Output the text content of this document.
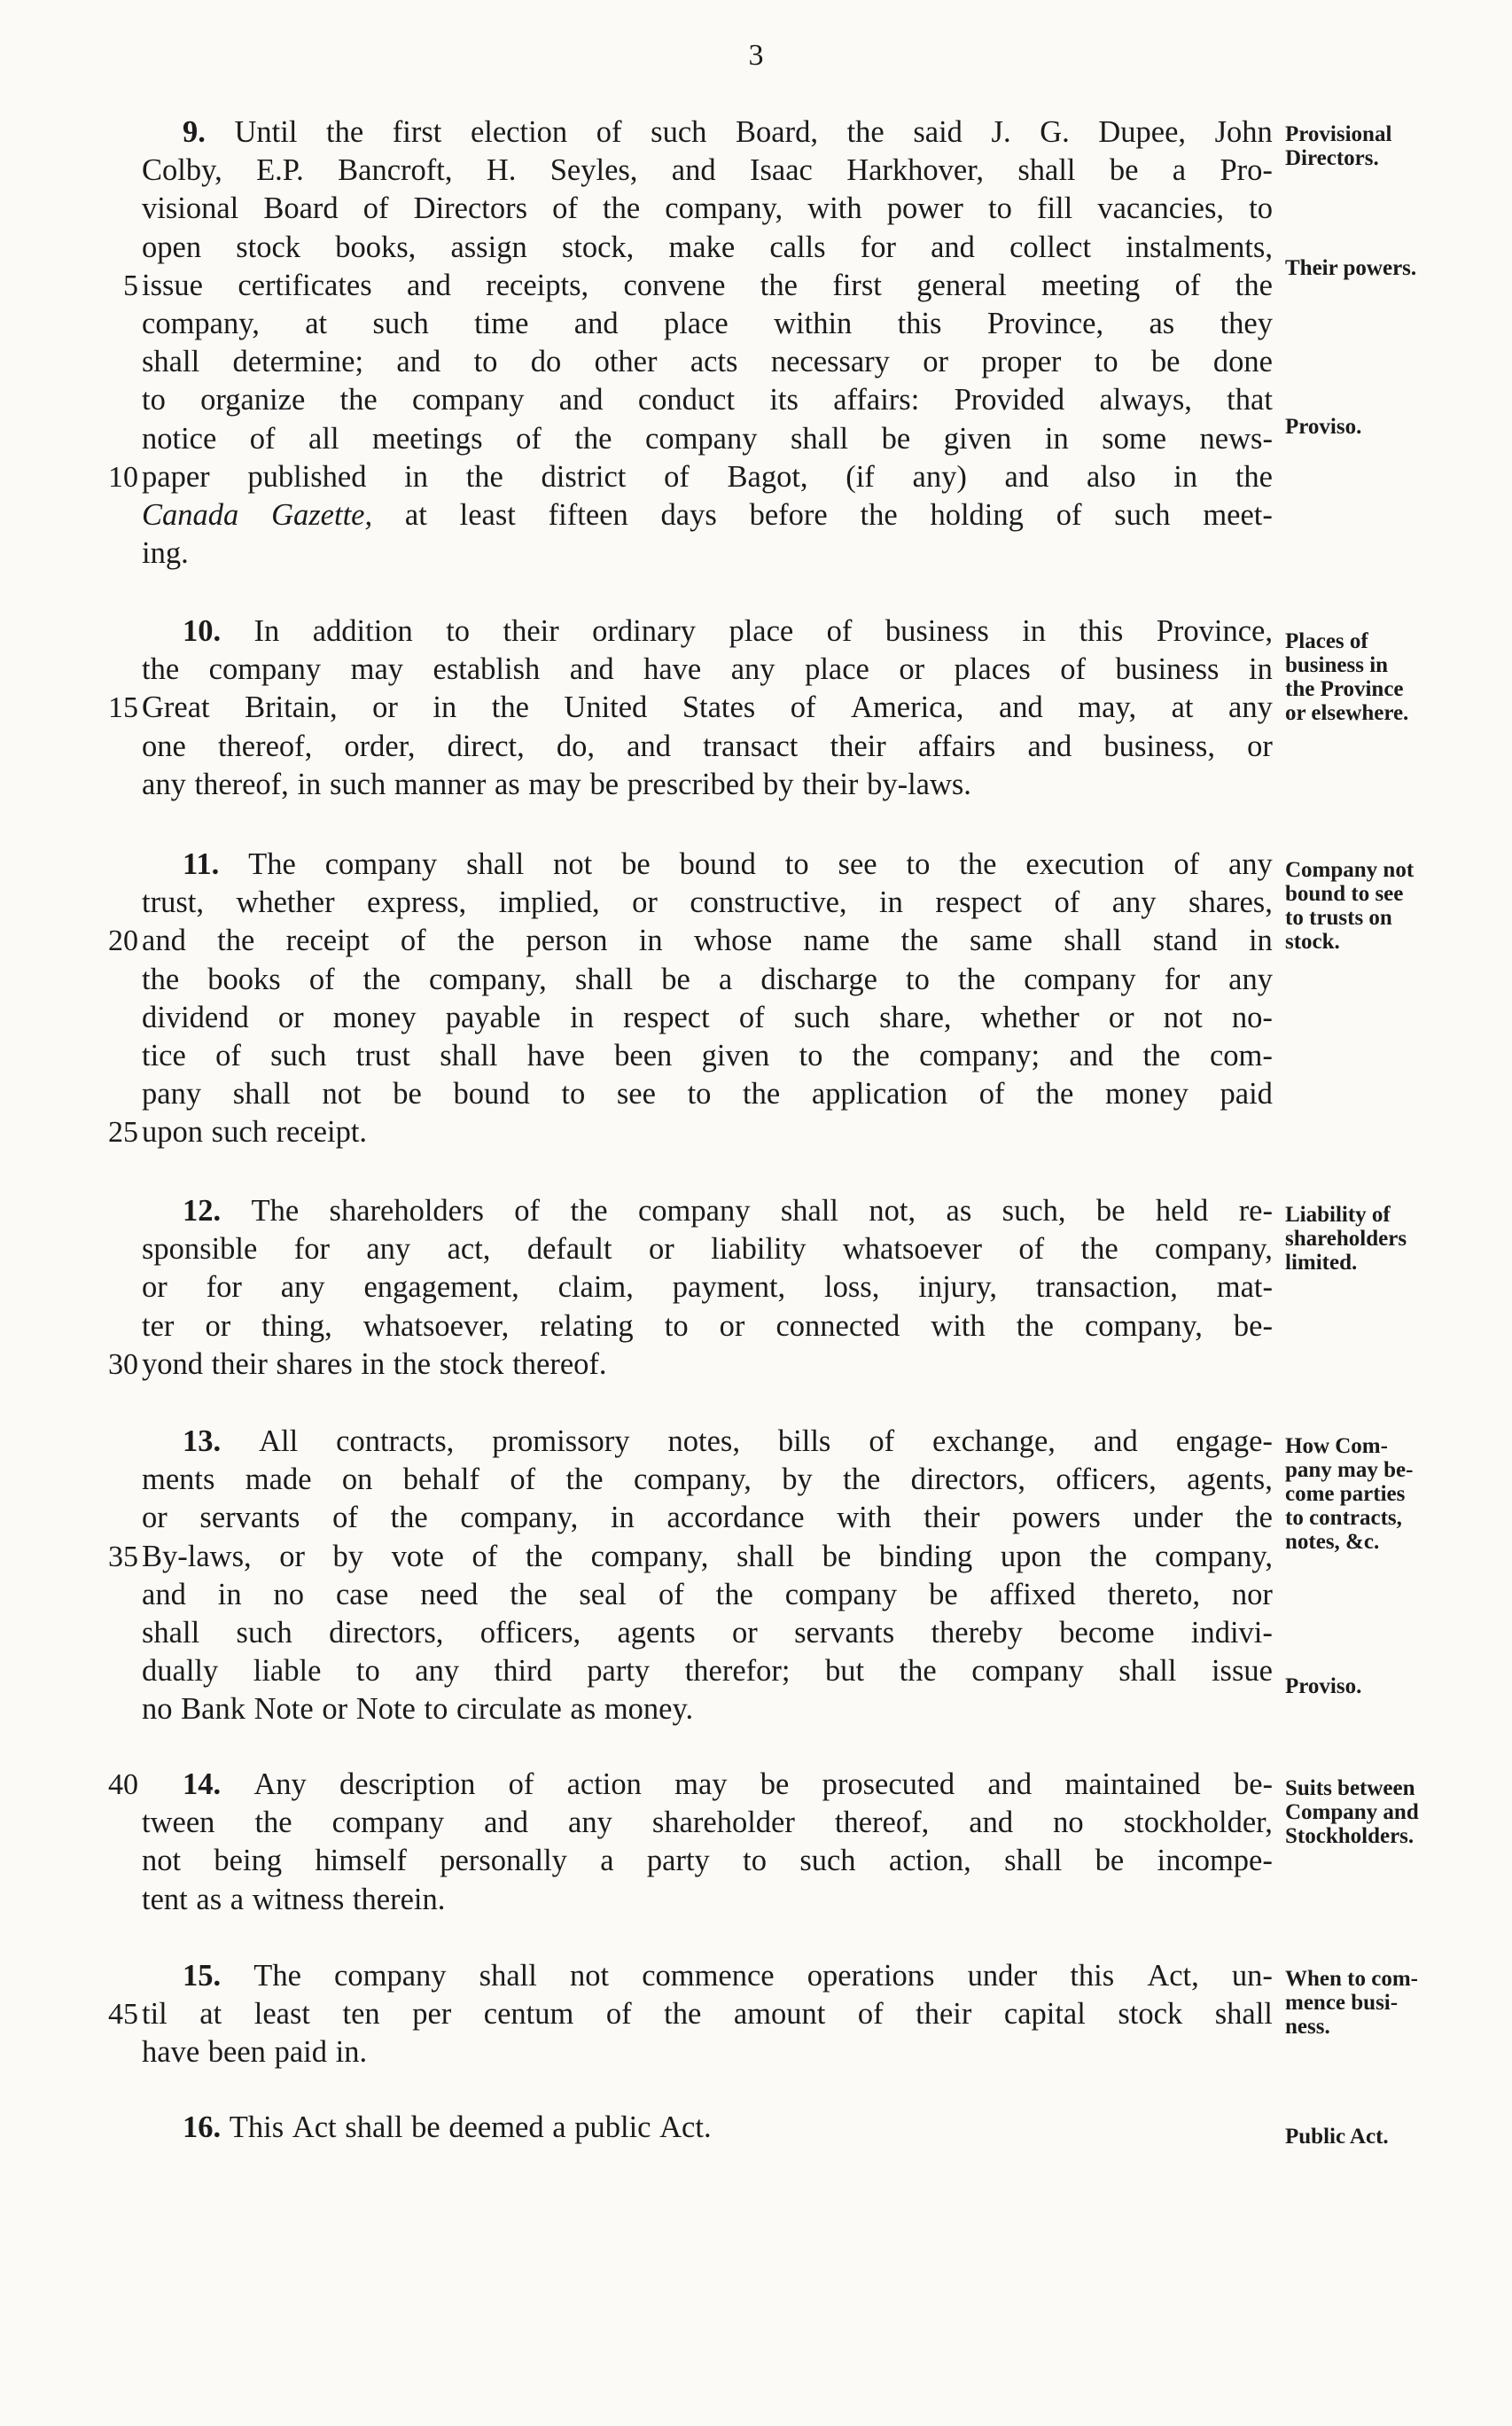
3
9. Until the first election of such Board, the said J. G. Dupee, John
Colby, E.P. Bancroft, H. Seyles, and Isaac Harkhover, shall be a Pro-
visional Board of Directors of the company, with power to fill vacancies, to
open stock books, assign stock, make calls for and collect instalments,
5 issue certificates and receipts, convene the first general meeting of the
company, at such time and place within this Province, as they
shall determine; and to do other acts necessary or proper to be done
to organize the company and conduct its affairs: Provided always, that
notice of all meetings of the company shall be given in some news-
10 paper published in the district of Bagot, (if any) and also in the
Canada Gazette, at least fifteen days before the holding of such meet-
ing.
10. In addition to their ordinary place of business in this Province,
the company may establish and have any place or places of business in
15 Great Britain, or in the United States of America, and may, at any
one thereof, order, direct, do, and transact their affairs and business, or
any thereof, in such manner as may be prescribed by their by-laws.
11. The company shall not be bound to see to the execution of any
trust, whether express, implied, or constructive, in respect of any shares,
20 and the receipt of the person in whose name the same shall stand in
the books of the company, shall be a discharge to the company for any
dividend or money payable in respect of such share, whether or not no-
tice of such trust shall have been given to the company; and the com-
pany shall not be bound to see to the application of the money paid
25 upon such receipt.
12. The shareholders of the company shall not, as such, be held re-
sponsible for any act, default or liability whatsoever of the company,
or for any engagement, claim, payment, loss, injury, transaction, mat-
ter or thing, whatsoever, relating to or connected with the company, be-
30 yond their shares in the stock thereof.
13. All contracts, promissory notes, bills of exchange, and engage-
ments made on behalf of the company, by the directors, officers, agents,
or servants of the company, in accordance with their powers under the
35 By-laws, or by vote of the company, shall be binding upon the company,
and in no case need the seal of the company be affixed thereto, nor
shall such directors, officers, agents or servants thereby become indivi-
dually liable to any third party therefor; but the company shall issue
no Bank Note or Note to circulate as money.
40 14. Any description of action may be prosecuted and maintained be-
tween the company and any shareholder thereof, and no stockholder,
not being himself personally a party to such action, shall be incompe-
tent as a witness therein.
15. The company shall not commence operations under this Act, un-
45 til at least ten per centum of the amount of their capital stock shall
have been paid in.
16. This Act shall be deemed a public Act.
Provisional
Directors.
Their powers.
Proviso.
Places of
business in
the Province
or elsewhere.
Company not
bound to see
to trusts on
stock.
Liability of
shareholders
limited.
How Com-
pany may be-
come parties
to contracts,
notes, &c.
Proviso.
Suits between
Company and
Stockholders.
When to com-
mence busi-
ness.
Public Act.
